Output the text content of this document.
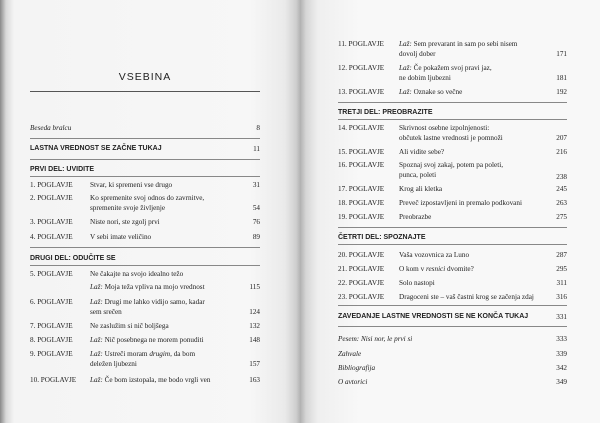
VSEBINA
Beseda bralcu	8
LASTNA VREDNOST SE ZAČNE TUKAJ	11
PRVI DEL: UVIDITE
1. POGLAVJE Stvar, ki spremeni vse drugo	31
2. POGLAVJE Ko spremenite svoj odnos do zavrnitve,
spremenite svoje življenje	54
3. POGLAVJE Niste nori, ste zgolj prvi	76
4. POGLAVJE V sebi imate veličino	89
DRUGI DEL: ODUČITE SE
5. POGLAVJE Ne čakajte na svojo idealno težo
Laž: Moja teža vpliva na mojo vrednost	115
6. POGLAVJE Laž: Drugi me lahko vidijo samo, kadar
sem srečen	124
7. POGLAVJE Ne zaslužim si nič boljšega	132
8. POGLAVJE Laž: Nič posebnega ne morem ponuditi	148
9. POGLAVJE Laž: Ustreči moram drugim, da bom
deležen ljubezni	157
10. POGLAVJE Laž: Če bom izstopala, me bodo vrgli ven	163
11. POGLAVJE Laž: Sem prevarant in sam po sebi nisem
dovolj dober	171
12. POGLAVJE Laž: Če pokažem svoj pravi jaz,
ne dobim ljubezni	181
13. POGLAVJE Laž: Oznake so večne	192
TRETJI DEL: PREOBRAZITE
14. POGLAVJE Skrivnost osebne izpolnjenosti:
občutek lastne vrednosti je pomnoži	207
15. POGLAVJE Ali vidite sebe?	216
16. POGLAVJE Spoznaj svoj zakaj, potem pa poleti,
punca, poleti	238
17. POGLAVJE Krog ali kletka	245
18. POGLAVJE Preveč izpostavljeni in premalo podkovani	263
19. POGLAVJE Preobrazbe	275
ČETRTI DEL: SPOZNAJTE
20. POGLAVJE Vaša vozovnica za Luno	287
21. POGLAVJE O kom v resnici dvomite?	295
22. POGLAVJE Solo nastopi	311
23. POGLAVJE Dragoceni ste – vaš častni krog se začenja zdaj	316
ZAVEDANJE LASTNE VREDNOSTI SE NE KONČA TUKAJ	331
Pesem: Nisi nor, le prvi si	333
Zahvale	339
Bibliografija	342
O avtorici	349
